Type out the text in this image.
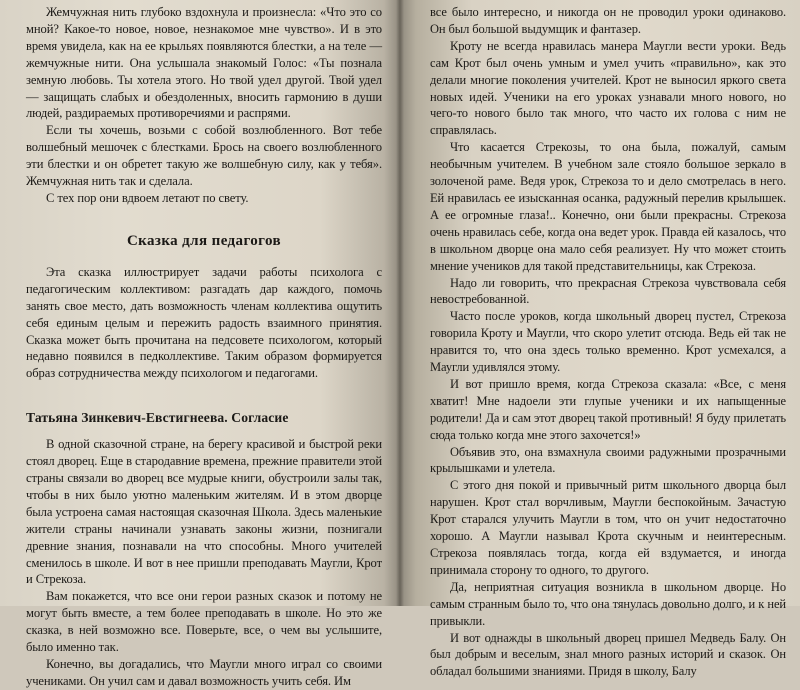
Жемчужная нить глубоко вздохнула и произнесла: «Что это со мной? Какое-то новое, новое, незнакомое мне чувство». И в это время увидела, как на ее крыльях появляются блестки, а на теле — жемчужные нити. Она услышала знакомый Голос: «Ты познала земную любовь. Ты хотела этого. Но твой удел другой. Твой удел — защищать слабых и обездоленных, вносить гармонию в души людей, раздираемых противоречиями и распрями.

Если ты хочешь, возьми с собой возлюбленного. Вот тебе волшебный мешочек с блестками. Брось на своего возлюбленного эти блестки и он обретет такую же волшебную силу, как у тебя». Жемчужная нить так и сделала.

С тех пор они вдвоем летают по свету.

Сказка для педагогов

Эта сказка иллюстрирует задачи работы психолога с педагогическим коллективом: разгадать дар каждого, помочь занять свое место, дать возможность членам коллектива ощутить себя единым целым и пережить радость взаимного принятия. Сказка может быть прочитана на педсовете психологом, который недавно появился в педколлективе. Таким образом формируется образ сотрудничества между психологом и педагогами.

Татьяна Зинкевич-Евстигнеева. Согласие

В одной сказочной стране, на берегу красивой и быстрой реки стоял дворец. Еще в стародавние времена, прежние правители этой страны связали во дворец все мудрые книги, обустроили залы так, чтобы в них было уютно маленьким жителям. И в этом дворце была устроена самая настоящая сказочная Школа. Здесь маленькие жители страны начинали узнавать законы жизни, познигали древние знания, познавали на что способны. Много учителей сменилось в школе. И вот в нее пришли преподавать Маугли, Крот и Стрекоза.

Вам покажется, что все они герои разных сказок и потому не могут быть вместе, а тем более преподавать в школе. Но это же сказка, в ней возможно все. Поверьте, все, о чем вы услышите, было именно так.

Конечно, вы догадались, что Маугли много играл со своими учениками. Он учил сам и давал возможность учить себя. Им

все было интересно, и никогда он не проводил уроки одинаково. Он был большой выдумщик и фантазер.

Кроту не всегда нравилась манера Маугли вести уроки. Ведь сам Крот был очень умным и умел учить «правильно», как это делали многие поколения учителей. Крот не выносил яркого света новых идей. Ученики на его уроках узнавали много нового, но чего-то нового было так много, что часто их голова с ним не справлялась.

Что касается Стрекозы, то она была, пожалуй, самым необычным учителем. В учебном зале стояло большое зеркало в золоченой раме. Ведя урок, Стрекоза то и дело смотрелась в него. Ей нравилась ее изысканная осанка, радужный перелив крылышек. А ее огромные глаза!.. Конечно, они были прекрасны. Стрекоза очень нравилась себе, когда она ведет урок. Правда ей казалось, что в школьном дворце она мало себя реализует. Ну что может стоить мнение учеников для такой представительницы, как Стрекоза.

Надо ли говорить, что прекрасная Стрекоза чувствовала себя невостребованной.

Часто после уроков, когда школьный дворец пустел, Стрекоза говорила Кроту и Маугли, что скоро улетит отсюда. Ведь ей так не нравится то, что она здесь только временно. Крот усмехался, а Маугли удивлялся этому.

И вот пришло время, когда Стрекоза сказала: «Все, с меня хватит! Мне надоели эти глупые ученики и их напыщенные родители! Да и сам этот дворец такой противный! Я буду прилетать сюда только когда мне этого захочется!»

Объявив это, она взмахнула своими радужными прозрачными крылышками и улетела.

С этого дня покой и привычный ритм школьного дворца был нарушен. Крот стал ворчливым, Маугли беспокойным. Зачастую Крот старался улучить Маугли в том, что он учит недостаточно хорошо. А Маугли называл Крота скучным и неинтересным. Стрекоза появлялась тогда, когда ей вздумается, и иногда принимала сторону то одного, то другого.

Да, неприятная ситуация возникла в школьном дворце. Но самым странным было то, что она тянулась довольно долго, и к ней привыкли.

И вот однажды в школьный дворец пришел Медведь Балу. Он был добрым и веселым, знал много разных историй и сказок. Он обладал большими знаниями. Придя в школу, Балу
